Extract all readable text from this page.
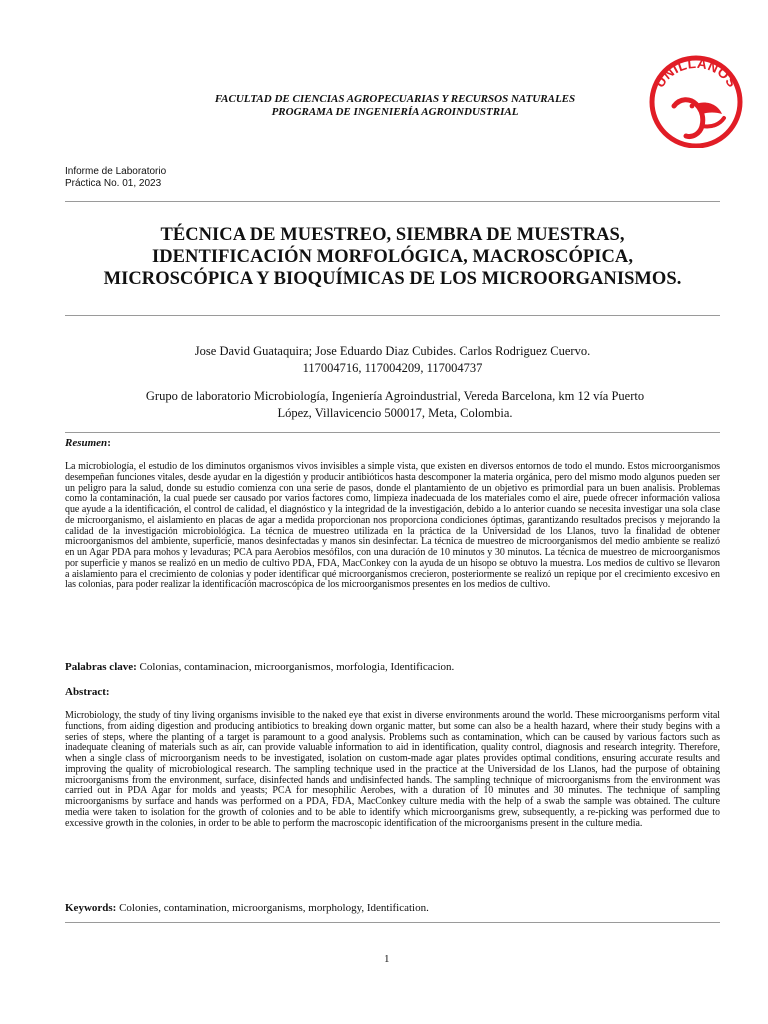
FACULTAD DE CIENCIAS AGROPECUARIAS Y RECURSOS NATURALES
PROGRAMA DE INGENIERÍA AGROINDUSTRIAL
UNILLANOS
Informe de Laboratorio
Práctica No. 01, 2023
TÉCNICA DE MUESTREO, SIEMBRA DE MUESTRAS,
IDENTIFICACIÓN MORFOLÓGICA, MACROSCÓPICA,
MICROSCÓPICA Y BIOQUÍMICAS DE LOS MICROORGANISMOS.
Jose David Guataquira; Jose Eduardo Diaz Cubides. Carlos Rodriguez Cuervo.
117004716, 117004209, 117004737
Grupo de laboratorio Microbiología, Ingeniería Agroindustrial, Vereda Barcelona, km 12 vía Puerto
López, Villavicencio 500017, Meta, Colombia.
Resumen:
La microbiología, el estudio de los diminutos organismos vivos invisibles a simple vista, que existen en diversos entornos de todo el mundo. Estos microorganismos desempeñan funciones vitales, desde ayudar en la digestión y producir antibióticos hasta descomponer la materia orgánica, pero del mismo modo algunos pueden ser un peligro para la salud, donde su estudio comienza con una serie de pasos, donde el plantamiento de un objetivo es primordial para un buen analisis. Problemas como la contaminación, la cual puede ser causado por varios factores como, limpieza inadecuada de los materiales como el aire, puede ofrecer información valiosa que ayude a la identificación, el control de calidad, el diagnóstico y la integridad de la investigación, debido a lo anterior cuando se necesita investigar una sola clase de microorganismo, el aislamiento en placas de agar a medida proporcionan nos proporciona condiciones óptimas, garantizando resultados precisos y mejorando la calidad de la investigación microbiológica. La técnica de muestreo utilizada en la práctica de la Universidad de los Llanos, tuvo la finalidad de obtener microorganismos del ambiente, superficie, manos desinfectadas y manos sin desinfectar. La técnica de muestreo de microorganismos del medio ambiente se realizó en un Agar PDA para mohos y levaduras; PCA para Aerobios mesófilos, con una duración de 10 minutos y 30 minutos. La técnica de muestreo de microorganismos por superficie y manos se realizó en un medio de cultivo PDA, FDA, MacConkey con la ayuda de un hisopo se obtuvo la muestra. Los medios de cultivo se llevaron a aislamiento para el crecimiento de colonias y poder identificar qué microorganismos crecieron, posteriormente se realizó un repique por el crecimiento excesivo en las colonias, para poder realizar la identificación macroscópica de los microorganismos presentes en los medios de cultivo.
Palabras clave: Colonias, contaminacion, microorganismos, morfologia, Identificacion.
Abstract:
Microbiology, the study of tiny living organisms invisible to the naked eye that exist in diverse environments around the world. These microorganisms perform vital functions, from aiding digestion and producing antibiotics to breaking down organic matter, but some can also be a health hazard, where their study begins with a series of steps, where the planting of a target is paramount to a good analysis. Problems such as contamination, which can be caused by various factors such as inadequate cleaning of materials such as air, can provide valuable information to aid in identification, quality control, diagnosis and research integrity. Therefore, when a single class of microorganism needs to be investigated, isolation on custom-made agar plates provides optimal conditions, ensuring accurate results and improving the quality of microbiological research. The sampling technique used in the practice at the Universidad de los Llanos, had the purpose of obtaining microorganisms from the environment, surface, disinfected hands and undisinfected hands. The sampling technique of microorganisms from the environment was carried out in PDA Agar for molds and yeasts; PCA for mesophilic Aerobes, with a duration of 10 minutes and 30 minutes. The technique of sampling microorganisms by surface and hands was performed on a PDA, FDA, MacConkey culture media with the help of a swab the sample was obtained. The culture media were taken to isolation for the growth of colonies and to be able to identify which microorganisms grew, subsequently, a re-picking was performed due to excessive growth in the colonies, in order to be able to perform the macroscopic identification of the microorganisms present in the culture media.
Keywords: Colonies, contamination, microorganisms, morphology, Identification.
1
